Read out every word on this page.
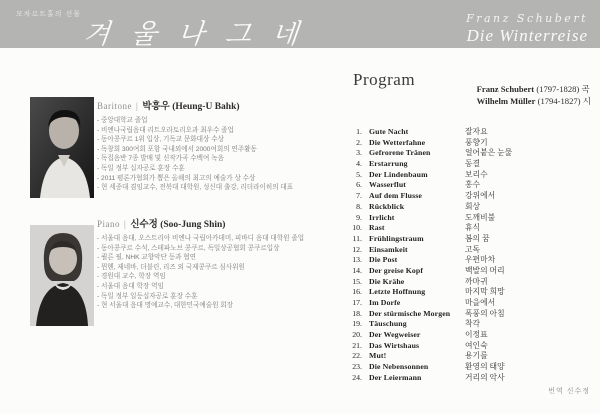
모차르트홀의 선물
겨울나그네
Franz Schubert
Die Winterreise
Baritone | 박흥우 (Heung-U Bahk)
- 중앙대학교 졸업
- 비엔나국립음대 리트오라토리오과 최우수 졸업
- 동아콩쿠르 1위 입상, 기독교 문화대상 수상
- 독창회 300여회 포함 국내외에서 2000여회의 연주활동
- 독집음반 7종 발매 및 신작가곡 수백여 녹음
- 독일 정부 십자공로 훈장 수훈
- 2011 평론가협회가 뽑은 올해의 최고의 예술가 상 수상
- 현 세종대 겸임교수, 전북대 대학원, 성신대 출강, 리더라이히의 대표
Piano | 신수정 (Soo-Jung Shin)
- 서울대 음대, 오스트리아 비엔나 국립아카데미, 피바디 음대 대학원 졸업
- 동아콩쿠르 수석, 스테파노브 콩쿠르, 독일상공협회 콩쿠르입상
- 쾰른 필, NHK 교향악단 등과 협연
- 뮌헨, 제네바, 더블린, 리즈 외 국제콩쿠르 심사위원
- 경원대 교수, 학장 역임
- 서울대 음대 학장 역임
- 독일 정부 일등십자공로 훈장 수훈
- 현 서울대 음대 명예교수, 대한민국예술원 회장
Program	Franz Schubert (1797-1828) 곡
Wilhelm Müller (1794-1827) 시
1. Gute Nacht	잘자요
2. Die Wetterfahne	풍향기
3. Gefrorene Tränen	얼어붙은 눈물
4. Erstarrung	동결
5. Der Lindenbaum	보리수
6. Wasserflut	홍수
7. Auf dem Flusse	강위에서
8. Rückblick	회상
9. Irrlicht	도깨비불
10. Rast	휴식
11. Frühlingstraum	봄의 꿈
12. Einsamkeit	고독
13. Die Post	우편마차
14. Der greise Kopf	백발의 머리
15. Die Krähe	까마귀
16. Letzte Hoffnung	마지막 희망
17. Im Dorfe	마을에서
18. Der stürmische Morgen	폭풍의 아침
19. Täuschung	착각
20. Der Wegweiser	이정표
21. Das Wirtshaus	여인숙
22. Mut!	용기를
23. Die Nebensonnen	환영의 태양
24. Der Leiermann	거리의 악사
번역 신수정
